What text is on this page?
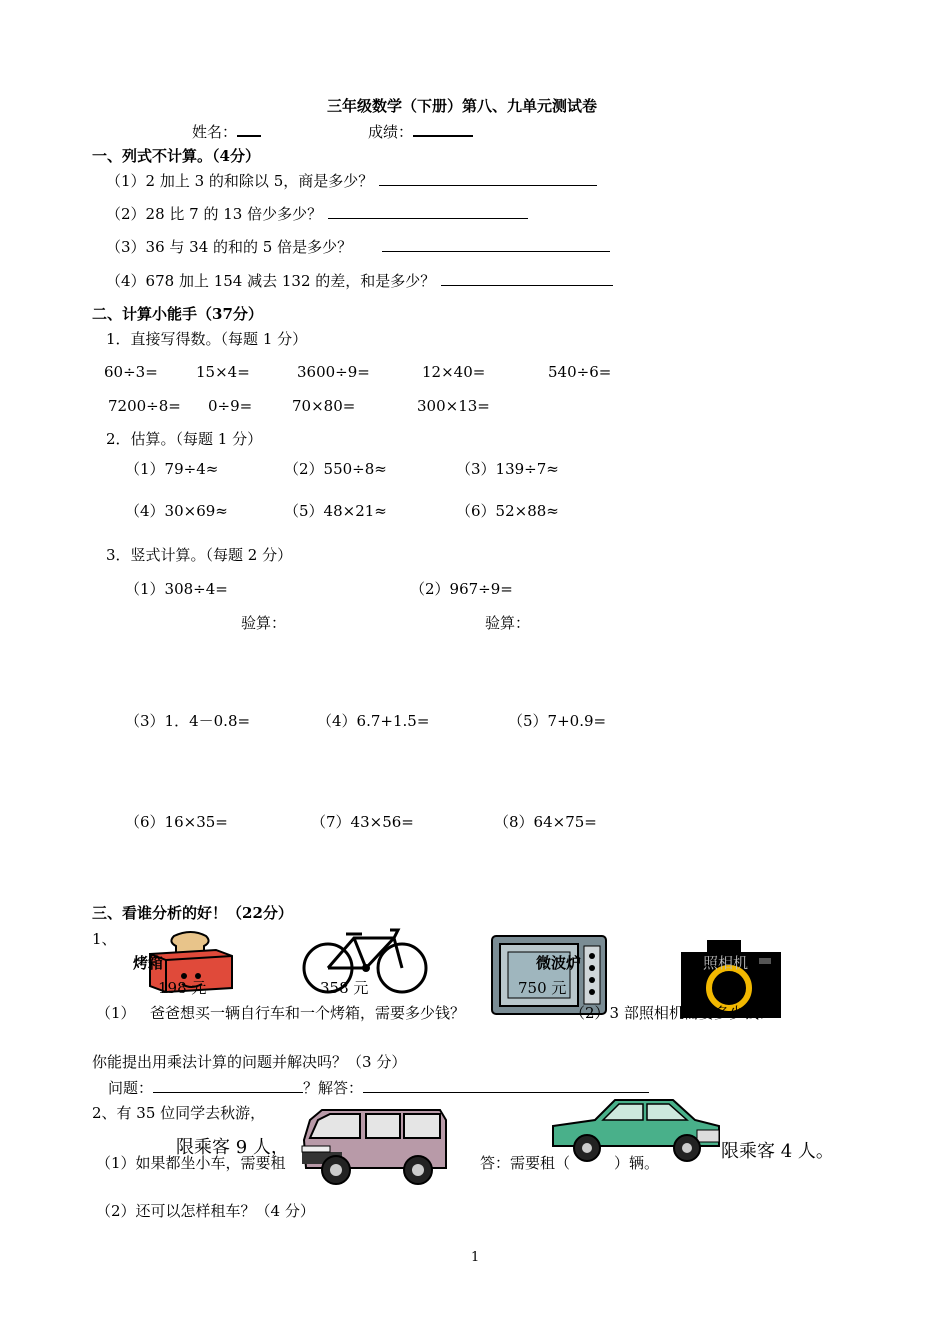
三年级数学（下册）第八、九单元测试卷
姓名：	成绩：
一、列式不计算。（4分）
（1）2 加上 3 的和除以 5，商是多少？
（2）28 比 7 的 13 倍少多少？
（3）36 与 34 的和的 5 倍是多少？
（4）678 加上 154 减去 132 的差，和是多少？
二、计算小能手（37分）
1．直接写得数。（每题 1 分）
60÷3=	15×4=	3600÷9=	12×40=	540÷6=
7200÷8= 0÷9=	70×80=	300×13=
2．估算。（每题 1 分）
（1）79÷4≈	（2）550÷8≈	（3）139÷7≈
（4）30×69≈	（5）48×21≈	（6）52×88≈
3．竖式计算。（每题 2 分）
（1）308÷4=	（2）967÷9=
验算：	验算：
（3）1．4－0.8=	（4）6.7+1.5=	（5）7+0.9=
（6）16×35=	（7）43×56=	（8）64×75=
三、看谁分析的好！（22分）
1、
烤箱
198 元	358 元
微波炉
750 元
照相机
（1） 爸爸想买一辆自行车和一个烤箱，需要多少钱？	（2）3 部照相机需要多少钱？
你能提出用乘法计算的问题并解决吗？（3 分）
问题：	？解答：
2、有 35 位同学去秋游，
（1）如果都坐小车，需要租	答：需要租（	）辆。
限乘客 9 人，	限乘客 4 人。
（2）还可以怎样租车？（4 分）
1
